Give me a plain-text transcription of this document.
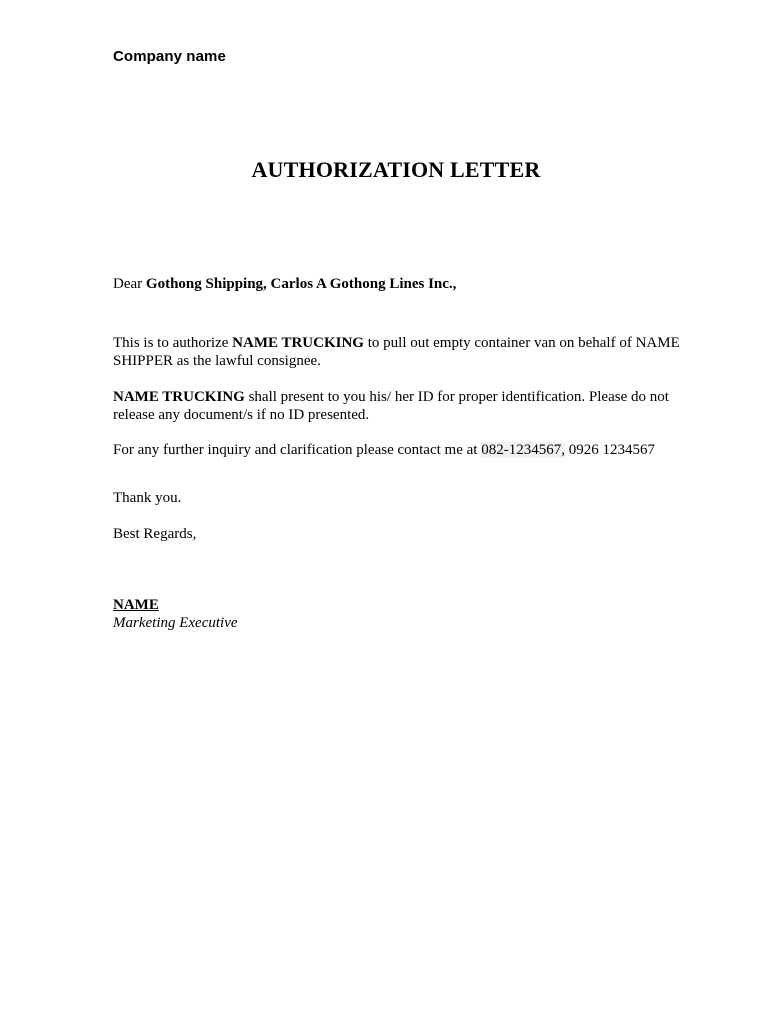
Company name
AUTHORIZATION LETTER
Dear Gothong Shipping, Carlos A Gothong Lines Inc.,
This is to authorize NAME TRUCKING to pull out empty container van on behalf of NAME SHIPPER as the lawful consignee.
NAME TRUCKING shall present to you his/ her ID for proper identification. Please do not release any document/s if no ID presented.
For any further inquiry and clarification please contact me at 082-1234567, 0926 1234567
Thank you.
Best Regards,
NAME
Marketing Executive
